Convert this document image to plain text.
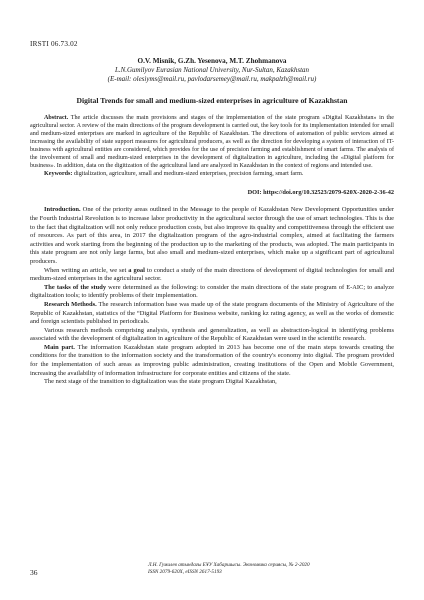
IRSTI 06.73.02
O.V. Misnik, G.Zh. Yesenova, M.T. Zhohmanova
L.N.Gumilyov Eurasian National University, Nur-Sultan, Kazakhstan
(E-mail: olesiyms@mail.ru, pavlodarsemey@mail.ru, makpalzh@mail.ru)
Digital Trends for small and medium-sized enterprises in agriculture of Kazakhstan

Abstract. The article discusses the main provisions and stages of the implementation of the state program «Digital Kazakhstan» in the agricultural sector. A review of the main directions of the program development is carried out, the key tools for its implementation intended for small and medium-sized enterprises are marked in agriculture of the Republic of Kazakhstan. The directions of automation of public services aimed at increasing the availability of state support measures for agricultural producers, as well as the direction for developing a system of interaction of IT-business with agricultural entities are considered, which provides for the use of precision farming and establishment of smart farms. The analysis of the involvement of small and medium-sized enterprises in the development of digitalization in agriculture, including the «Digital platform for business». In addition, data on the digitization of the agricultural land are analyzed in Kazakhstan in the context of regions and intended use.

Keywords: digitalization, agriculture, small and medium-sized enterprises, precision farming, smart farm.

DOI: https://doi.org/10.32523/2079-620X-2020-2-36-42

Introduction. One of the priority areas outlined in the Message to the people of Kazakhstan New Development Opportunities under the Fourth Industrial Revolution is to increase labor productivity in the agricultural sector through the use of smart technologies. This is due to the fact that digitalization will not only reduce production costs, but also improve its quality and competitiveness through the efficient use of resources. As part of this area, in 2017 the digitalization program of the agro-industrial complex, aimed at facilitating the farmers activities and work starting from the beginning of the production up to the marketing of the products, was adopted. The main participants in this state program are not only large farms, but also small and medium-sized enterprises, which make up a significant part of agricultural producers.

When writing an article, we set a goal to conduct a study of the main directions of development of digital technologies for small and medium-sized enterprises in the agricultural sector.

The tasks of the study were determined as the following: to consider the main directions of the state program of E-AIC; to analyze digitalization tools; to identify problems of their implementation.

Research Methods. The research information base was made up of the state program documents of the Ministry of Agriculture of the Republic of Kazakhstan, statistics of the “Digital Platform for Business website, ranking kz rating agency, as well as the works of domestic and foreign scientists published in periodicals.

Various research methods comprising analysis, synthesis and generalization, as well as abstraction-logical in identifying problems associated with the development of digitalization in agriculture of the Republic of Kazakhstan were used in the scientific research.

Main part. The information Kazakhstan state program adopted in 2013 has become one of the main steps towards creating the conditions for the transition to the information society and the transformation of the country's economy into digital. The program provided for the implementation of such areas as improving public administration, creating institutions of the Open and Mobile Government, increasing the availability of information infrastructure for corporate entities and citizens of the state.

The next stage of the transition to digitalization was the state program Digital Kazakhstan,

36
Л.Н. Гумилев атындағы ЕҰУ Хабаршысы. Экономика сериясы, № 2-2020
ISSN 2079-620X, eISSN 2617-5193
